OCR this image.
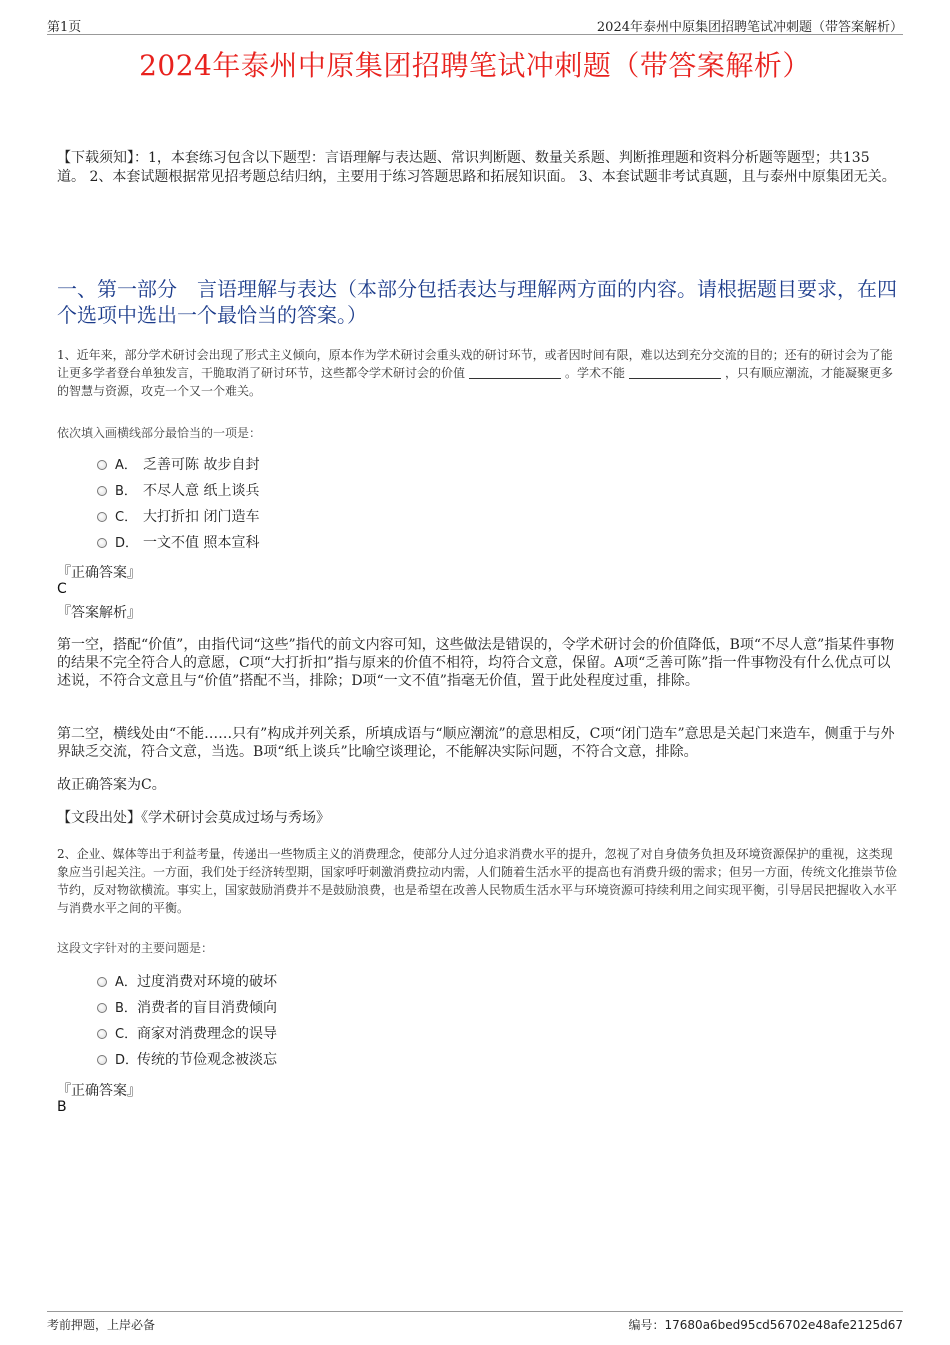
第1页	2024年泰州中原集团招聘笔试冲刺题（带答案解析）
2024年泰州中原集团招聘笔试冲刺题（带答案解析）
【下载须知】：1，本套练习包含以下题型：言语理解与表达题、常识判断题、数量关系题、判断推理题和资料分析题等题型；共135道。 2、本套试题根据常见招考题总结归纳，主要用于练习答题思路和拓展知识面。 3、本套试题非考试真题，且与泰州中原集团无关。
一、第一部分　言语理解与表达（本部分包括表达与理解两方面的内容。请根据题目要求，在四个选项中选出一个最恰当的答案。）
1、近年来，部分学术研讨会出现了形式主义倾向，原本作为学术研讨会重头戏的研讨环节，或者因时间有限，难以达到充分交流的目的；还有的研讨会为了能让更多学者登台单独发言，干脆取消了研讨环节，这些都令学术研讨会的价值	。学术不能	，只有顺应潮流，才能凝聚更多的智慧与资源，攻克一个又一个难关。
依次填入画横线部分最恰当的一项是：
A． 乏善可陈 故步自封
B． 不尽人意 纸上谈兵
C． 大打折扣 闭门造车
D． 一文不值 照本宣科
『正确答案』
C
『答案解析』
第一空，搭配“价值”，由指代词“这些”指代的前文内容可知，这些做法是错误的，令学术研讨会的价值降低，B项“不尽人意”指某件事物的结果不完全符合人的意愿，C项“大打折扣”指与原来的价值不相符，均符合文意，保留。A项“乏善可陈”指一件事物没有什么优点可以述说，不符合文意且与“价值”搭配不当，排除；D项“一文不值”指毫无价值，置于此处程度过重，排除。
第二空，横线处由“不能……只有”构成并列关系，所填成语与“顺应潮流”的意思相反，C项“闭门造车”意思是关起门来造车，侧重于与外界缺乏交流，符合文意，当选。B项“纸上谈兵”比喻空谈理论，不能解决实际问题，不符合文意，排除。
故正确答案为C。
【文段出处】《学术研讨会莫成过场与秀场》
2、企业、媒体等出于利益考量，传递出一些物质主义的消费理念，使部分人过分追求消费水平的提升，忽视了对自身债务负担及环境资源保护的重视，这类现象应当引起关注。一方面，我们处于经济转型期，国家呼吁刺激消费拉动内需，人们随着生活水平的提高也有消费升级的需求；但另一方面，传统文化推崇节俭节约，反对物欲横流。事实上，国家鼓励消费并不是鼓励浪费，也是希望在改善人民物质生活水平与环境资源可持续利用之间实现平衡，引导居民把握收入水平与消费水平之间的平衡。
这段文字针对的主要问题是：
A．过度消费对环境的破坏
B．消费者的盲目消费倾向
C．商家对消费理念的误导
D．传统的节俭观念被淡忘
『正确答案』
B
考前押题，上岸必备	编号：17680a6bed95cd56702e48afe2125d67
